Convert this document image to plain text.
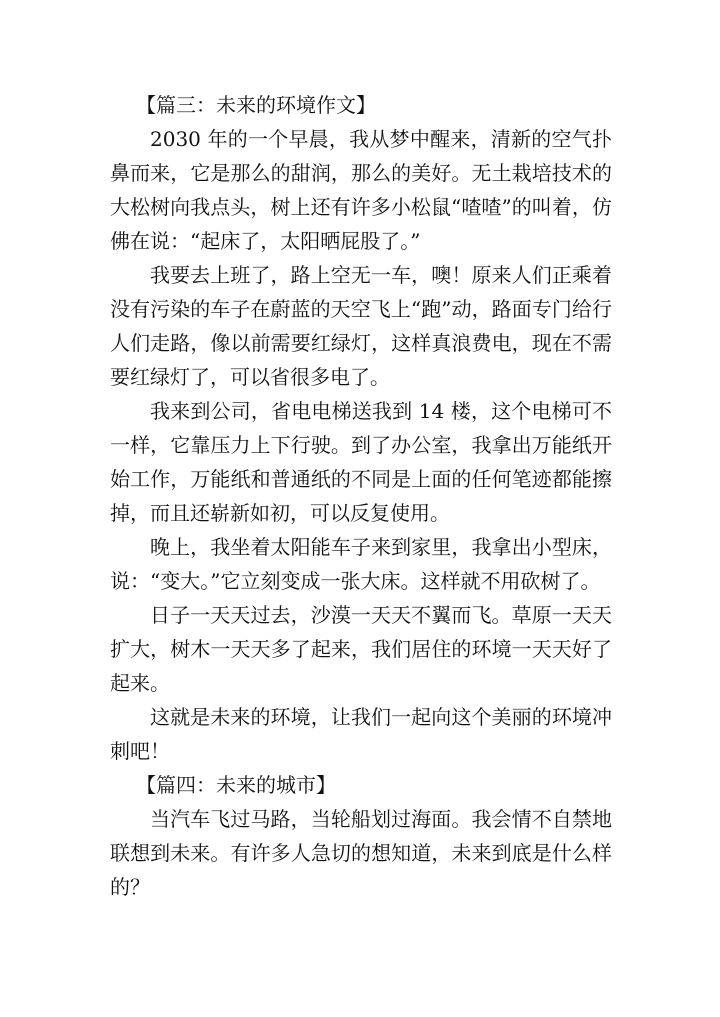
【篇三：未来的环境作文】

2030 年的一个早晨，我从梦中醒来，清新的空气扑鼻而来，它是那么的甜润，那么的美好。无土栽培技术的大松树向我点头，树上还有许多小松鼠“喳喳”的叫着，仿佛在说：“起床了，太阳晒屁股了。”

我要去上班了，路上空无一车，噢！原来人们正乘着没有污染的车子在蔚蓝的天空飞上“跑”动，路面专门给行人们走路，像以前需要红绿灯，这样真浪费电，现在不需要红绿灯了，可以省很多电了。

我来到公司，省电电梯送我到 14 楼，这个电梯可不一样，它靠压力上下行驶。到了办公室，我拿出万能纸开始工作，万能纸和普通纸的不同是上面的任何笔迹都能擦掉，而且还崭新如初，可以反复使用。

晚上，我坐着太阳能车子来到家里，我拿出小型床，说：“变大。”它立刻变成一张大床。这样就不用砍树了。

日子一天天过去，沙漠一天天不翼而飞。草原一天天扩大，树木一天天多了起来，我们居住的环境一天天好了起来。

这就是未来的环境，让我们一起向这个美丽的环境冲刺吧！

【篇四：未来的城市】

当汽车飞过马路，当轮船划过海面。我会情不自禁地联想到未来。有许多人急切的想知道，未来到底是什么样的？
